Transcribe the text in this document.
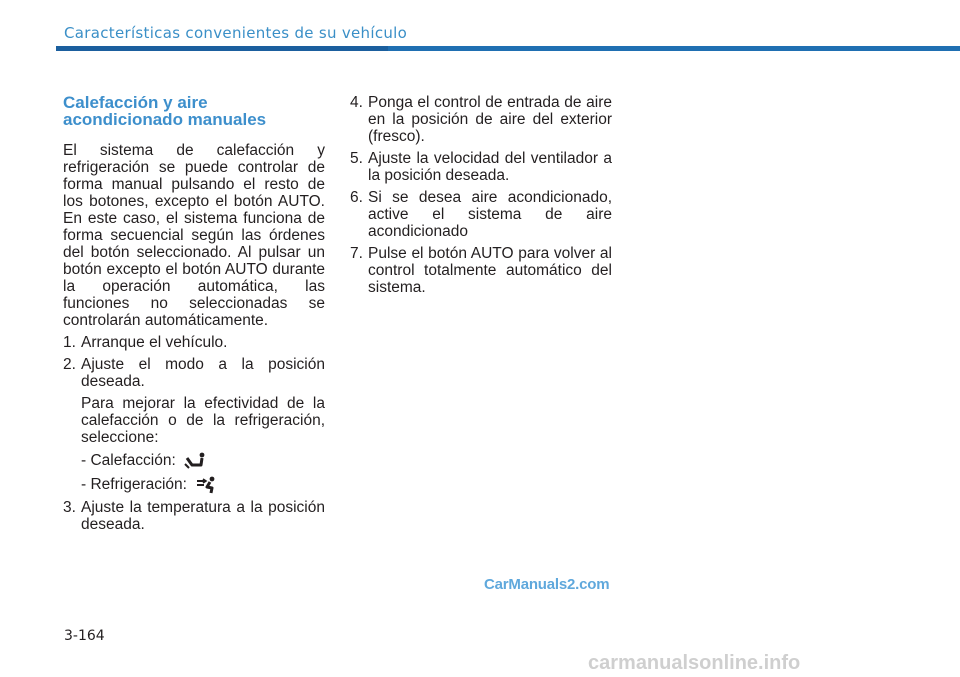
Características convenientes de su vehículo
Calefacción y aire
acondicionado manuales

El sistema de calefacción y refrigeración se puede controlar de forma manual pulsando el resto de los botones, excepto el botón AUTO. En este caso, el sistema funciona de forma secuencial según las órdenes del botón seleccionado. Al pulsar un botón excepto el botón AUTO durante la operación automática, las funciones no seleccionadas se controlarán automáticamente.

1. Arranque el vehículo.
2. Ajuste el modo a la posición deseada.
Para mejorar la efectividad de la calefacción o de la refrigeración, seleccione:
- Calefacción:
- Refrigeración:
3. Ajuste la temperatura a la posición deseada.
4. Ponga el control de entrada de aire en la posición de aire del exterior (fresco).
5. Ajuste la velocidad del ventilador a la posición deseada.
6. Si se desea aire acondicionado, active el sistema de aire acondicionado
7. Pulse el botón AUTO para volver al control totalmente automático del sistema.
CarManuals2.com
3-164
carmanualsonline.info
